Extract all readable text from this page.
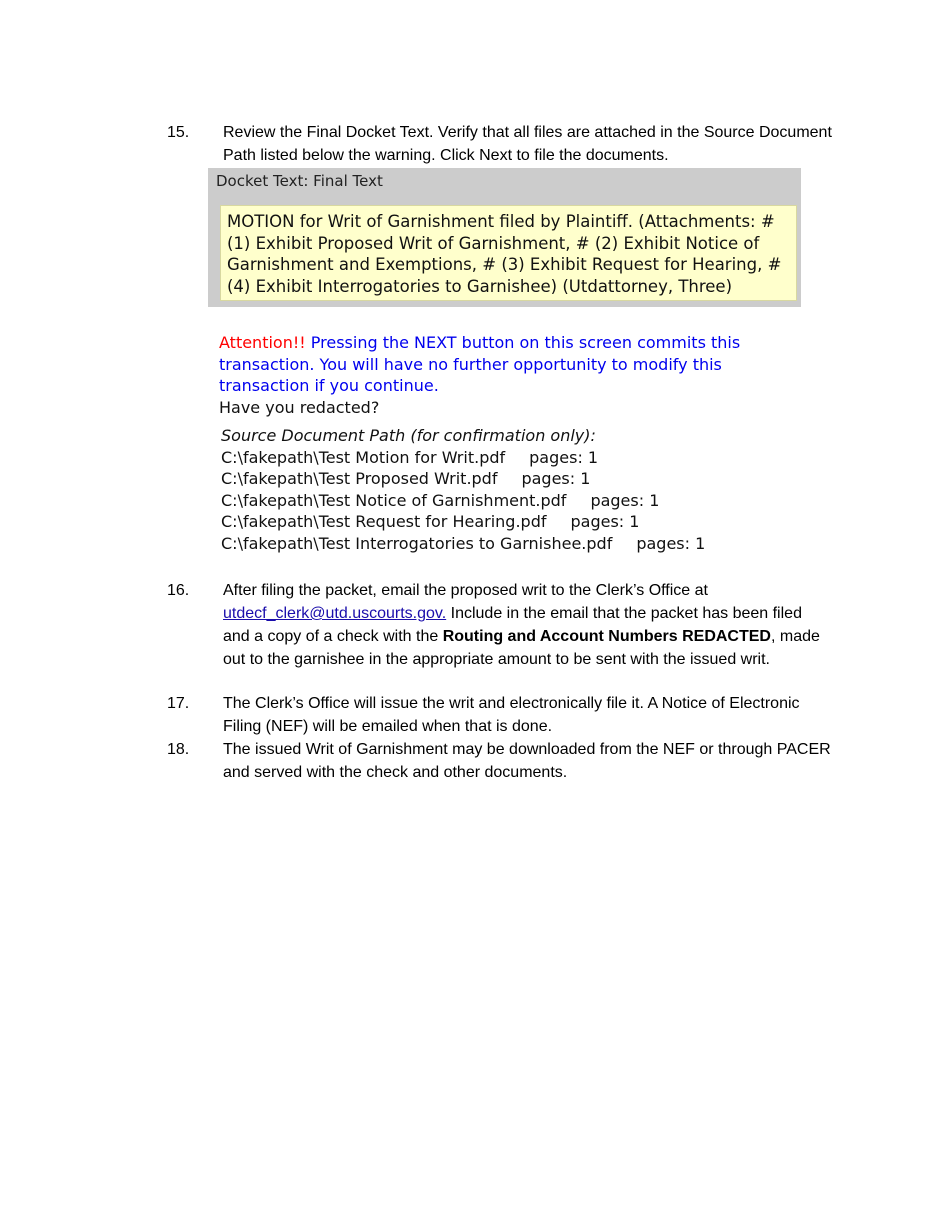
15. Review the Final Docket Text. Verify that all files are attached in the Source Document Path listed below the warning. Click Next to file the documents.
Docket Text: Final Text
MOTION for Writ of Garnishment filed by Plaintiff. (Attachments: # (1) Exhibit Proposed Writ of Garnishment, # (2) Exhibit Notice of Garnishment and Exemptions, # (3) Exhibit Request for Hearing, # (4) Exhibit Interrogatories to Garnishee) (Utdattorney, Three)
Attention!! Pressing the NEXT button on this screen commits this transaction. You will have no further opportunity to modify this transaction if you continue.
Have you redacted?
Source Document Path (for confirmation only):
C:\fakepath\Test Motion for Writ.pdf pages: 1
C:\fakepath\Test Proposed Writ.pdf pages: 1
C:\fakepath\Test Notice of Garnishment.pdf pages: 1
C:\fakepath\Test Request for Hearing.pdf pages: 1
C:\fakepath\Test Interrogatories to Garnishee.pdf pages: 1
16. After filing the packet, email the proposed writ to the Clerk’s Office at utdecf_clerk@utd.uscourts.gov. Include in the email that the packet has been filed and a copy of a check with the Routing and Account Numbers REDACTED, made out to the garnishee in the appropriate amount to be sent with the issued writ.
17. The Clerk’s Office will issue the writ and electronically file it. A Notice of Electronic Filing (NEF) will be emailed when that is done.
18. The issued Writ of Garnishment may be downloaded from the NEF or through PACER and served with the check and other documents.
